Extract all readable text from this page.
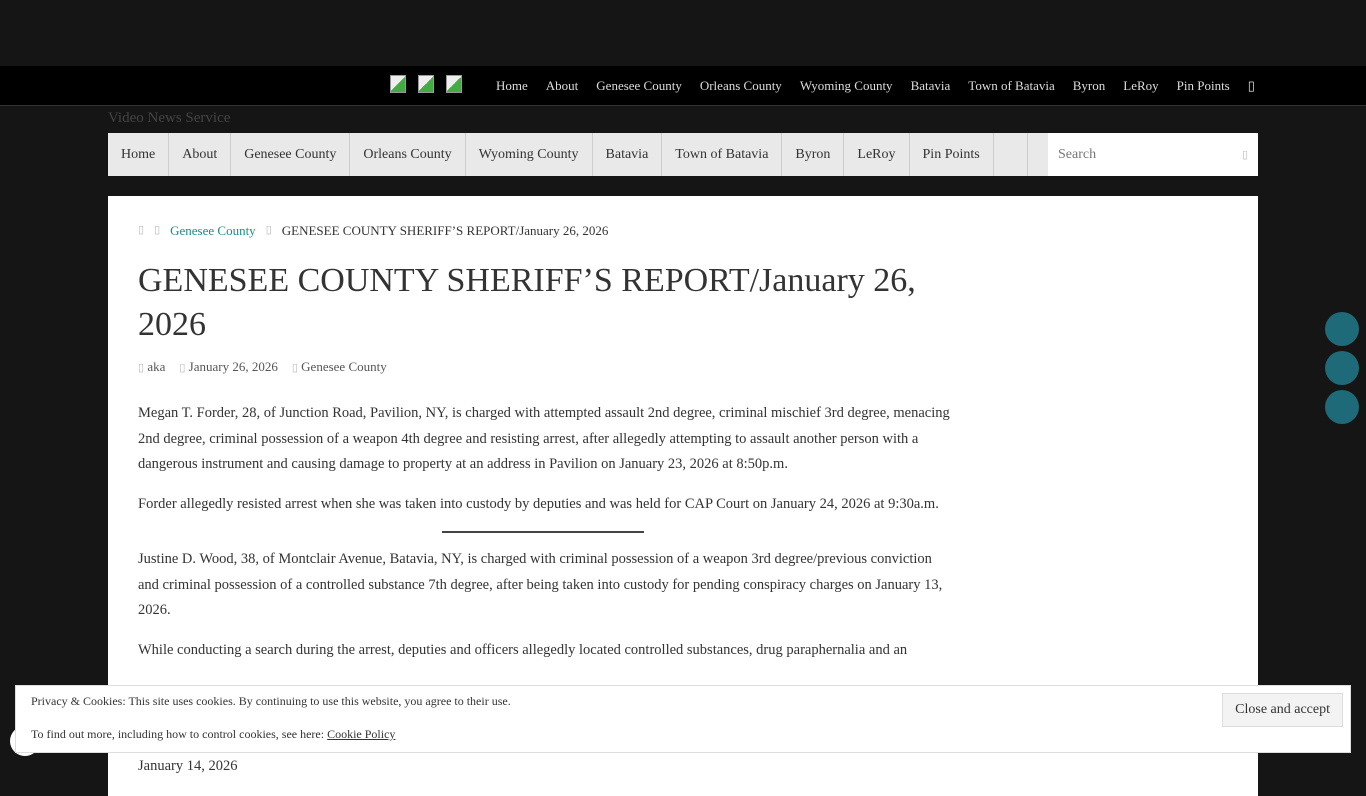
Home About Genesee County Orleans County Wyoming County Batavia Town of Batavia Byron LeRoy Pin Points ▯
Video News Service
Home	About	Genesee County	Orleans County	Wyoming County	Batavia	Town of Batavia	Byron	LeRoy	Pin Points	Search	▯
▯ ▯ Genesee County ▯ GENESEE COUNTY SHERIFF’S REPORT/January 26, 2026
GENESEE COUNTY SHERIFF’S REPORT/January 26, 2026
▯ aka ▯ January 26, 2026 ▯ Genesee County

Megan T. Forder, 28, of Junction Road, Pavilion, NY, is charged with attempted assault 2nd degree, criminal mischief 3rd degree, menacing 2nd degree, criminal possession of a weapon 4th degree and resisting arrest, after allegedly attempting to assault another person with a dangerous instrument and causing damage to property at an address in Pavilion on January 23, 2026 at 8:50p.m.

Forder allegedly resisted arrest when she was taken into custody by deputies and was held for CAP Court on January 24, 2026 at 9:30a.m.

Justine D. Wood, 38, of Montclair Avenue, Batavia, NY, is charged with criminal possession of a weapon 3rd degree/previous conviction and criminal possession of a controlled substance 7th degree, after being taken into custody for pending conspiracy charges on January 13, 2026.

While conducting a search during the arrest, deputies and officers allegedly located controlled substances, drug paraphernalia and an

January 14, 2026
Privacy & Cookies: This site uses cookies. By continuing to use this website, you agree to their use.
To find out more, including how to control cookies, see here: Cookie Policy
Close and accept
